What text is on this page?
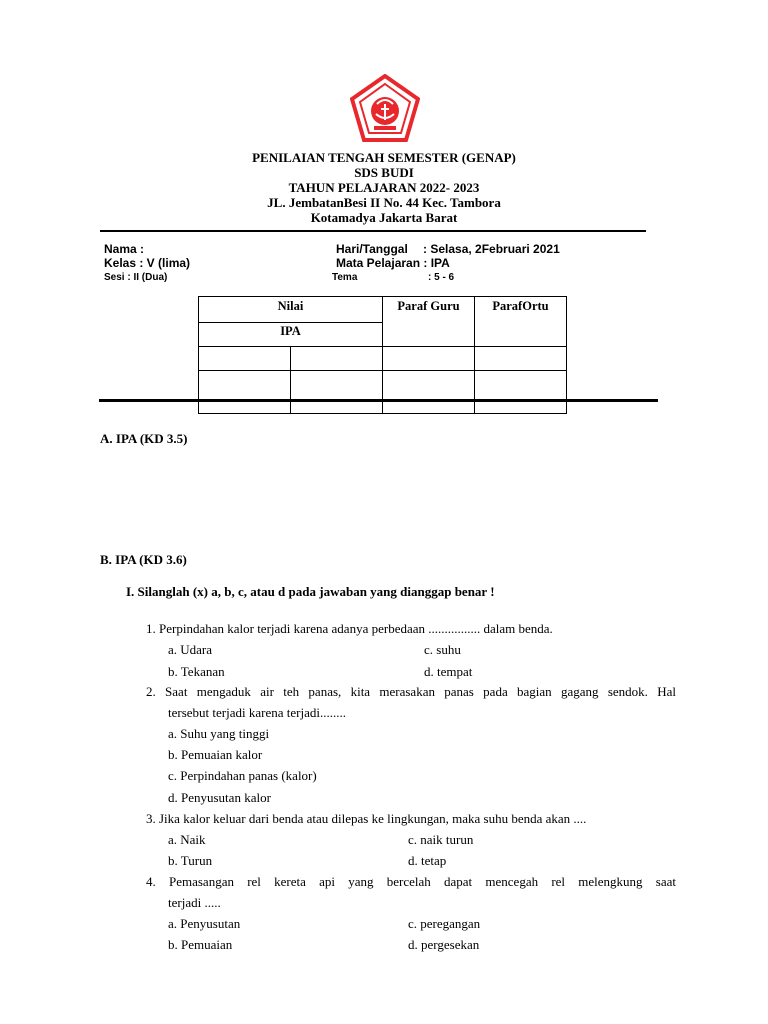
PENILAIAN TENGAH SEMESTER (GENAP)
SDS BUDI
TAHUN PELAJARAN 2022- 2023
JL. JembatanBesi II No. 44 Kec. Tambora
Kotamadya Jakarta Barat
Nama :
Kelas : V (lima)
Sesi : II (Dua)
Hari/Tanggal : Selasa, 2Februari 2021
Mata Pelajaran : IPA
Tema	: 5 - 6
Nilai		Paraf Guru	ParafOrtu
IPA			

A. IPA (KD 3.5)
B. IPA (KD 3.6)
I. Silanglah (x) a, b, c, atau d pada jawaban yang dianggap benar !
1. Perpindahan kalor terjadi karena adanya perbedaan ................ dalam benda.
a. Udara	c. suhu
b. Tekanan	d. tempat
2. Saat mengaduk air teh panas, kita merasakan panas pada bagian gagang sendok. Hal
tersebut terjadi karena terjadi........
a. Suhu yang tinggi
b. Pemuaian kalor
c. Perpindahan panas (kalor)
d. Penyusutan kalor
3. Jika kalor keluar dari benda atau dilepas ke lingkungan, maka suhu benda akan ....
a. Naik	c. naik turun
b. Turun	d. tetap
4. Pemasangan rel kereta api yang bercelah dapat mencegah rel melengkung saat
terjadi .....
a. Penyusutan	c. peregangan
b. Pemuaian	d. pergesekan
